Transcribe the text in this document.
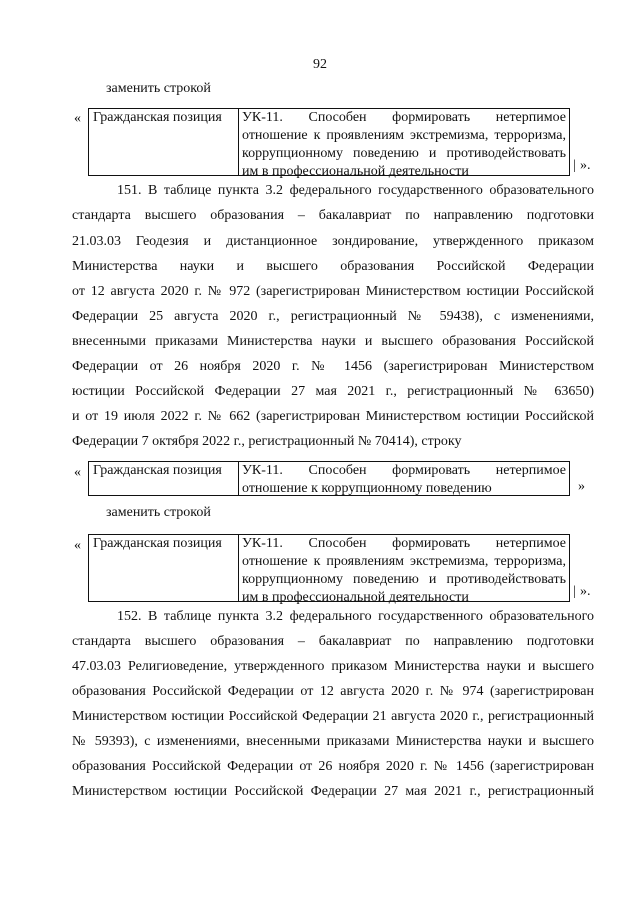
92
заменить строкой
« Гражданская позиция	УК-11. Способен формировать нетерпимое
отношение к проявлениям экстремизма, терроризма,
коррупционному поведению и противодействовать
им в профессиональной деятельности	| ».
151. В таблице пункта 3.2 федерального государственного образовательного
стандарта высшего образования – бакалавриат по направлению подготовки
21.03.03 Геодезия и дистанционное зондирование, утвержденного приказом
Министерства науки и высшего образования Российской Федерации
от 12 августа 2020 г. № 972 (зарегистрирован Министерством юстиции Российской
Федерации 25 августа 2020 г., регистрационный № 59438), с изменениями,
внесенными приказами Министерства науки и высшего образования Российской
Федерации от 26 ноября 2020 г. № 1456 (зарегистрирован Министерством
юстиции Российской Федерации 27 мая 2021 г., регистрационный № 63650)
и от 19 июля 2022 г. № 662 (зарегистрирован Министерством юстиции Российской
Федерации 7 октября 2022 г., регистрационный № 70414), строку
« Гражданская позиция	УК-11. Способен формировать нетерпимое
отношение к коррупционному поведению	»
заменить строкой
« Гражданская позиция	УК-11. Способен формировать нетерпимое
отношение к проявлениям экстремизма, терроризма,
коррупционному поведению и противодействовать
им в профессиональной деятельности	| ».
152. В таблице пункта 3.2 федерального государственного образовательного
стандарта высшего образования – бакалавриат по направлению подготовки
47.03.03 Религиоведение, утвержденного приказом Министерства науки и высшего
образования Российской Федерации от 12 августа 2020 г. № 974 (зарегистрирован
Министерством юстиции Российской Федерации 21 августа 2020 г., регистрационный
№ 59393), с изменениями, внесенными приказами Министерства науки и высшего
образования Российской Федерации от 26 ноября 2020 г. № 1456 (зарегистрирован
Министерством юстиции Российской Федерации 27 мая 2021 г., регистрационный
